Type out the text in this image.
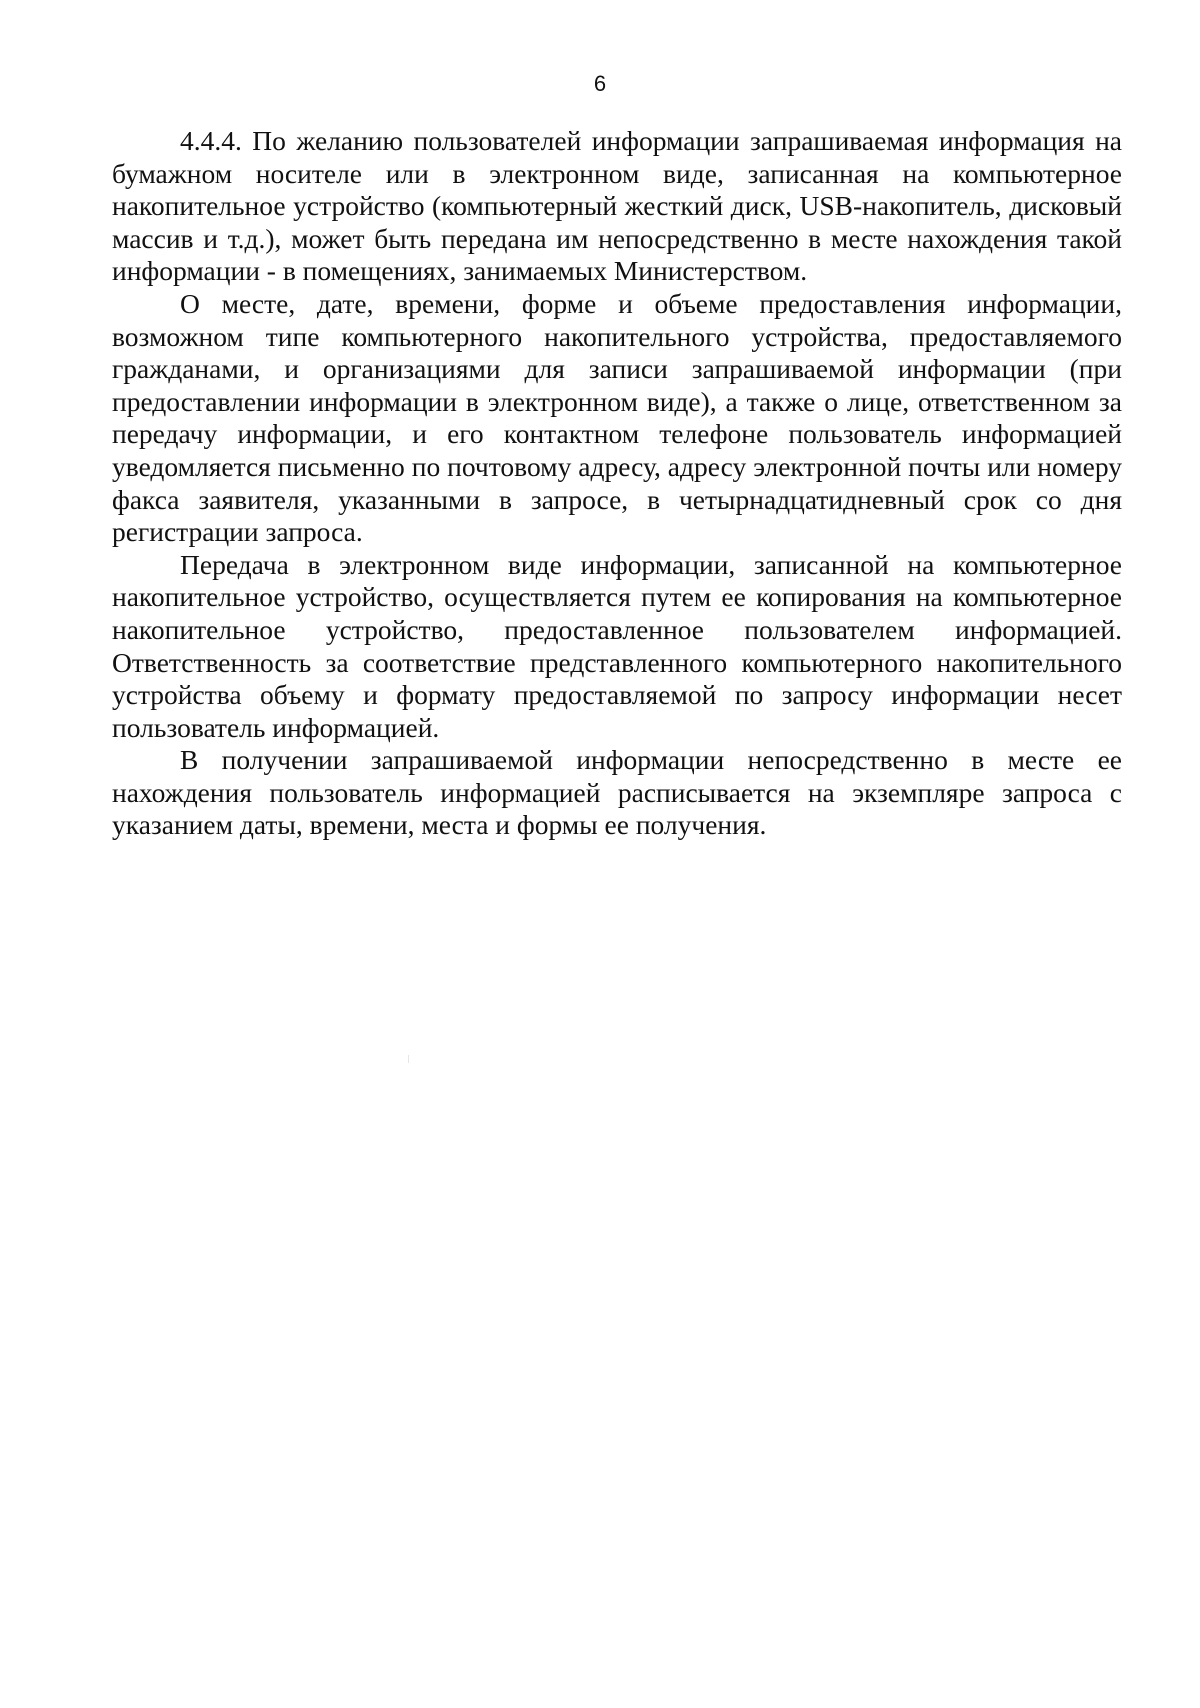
6

4.4.4. По желанию пользователей информации запрашиваемая информация на бумажном носителе или в электронном виде, записанная на компьютерное накопительное устройство (компьютерный жесткий диск, USB-накопитель, дисковый массив и т.д.), может быть передана им непосредственно в месте нахождения такой информации - в помещениях, занимаемых Министерством.

О месте, дате, времени, форме и объеме предоставления информации, возможном типе компьютерного накопительного устройства, предоставляемого гражданами, и организациями для записи запрашиваемой информации (при предоставлении информации в электронном виде), а также о лице, ответственном за передачу информации, и его контактном телефоне пользователь информацией уведомляется письменно по почтовому адресу, адресу электронной почты или номеру факса заявителя, указанными в запросе, в четырнадцатидневный срок со дня регистрации запроса.

Передача в электронном виде информации, записанной на компьютерное накопительное устройство, осуществляется путем ее копирования на компьютерное накопительное устройство, предоставленное пользователем информацией. Ответственность за соответствие представленного компьютерного накопительного устройства объему и формату предоставляемой по запросу информации несет пользователь информацией.

В получении запрашиваемой информации непосредственно в месте ее нахождения пользователь информацией расписывается на экземпляре запроса с указанием даты, времени, места и формы ее получения.
